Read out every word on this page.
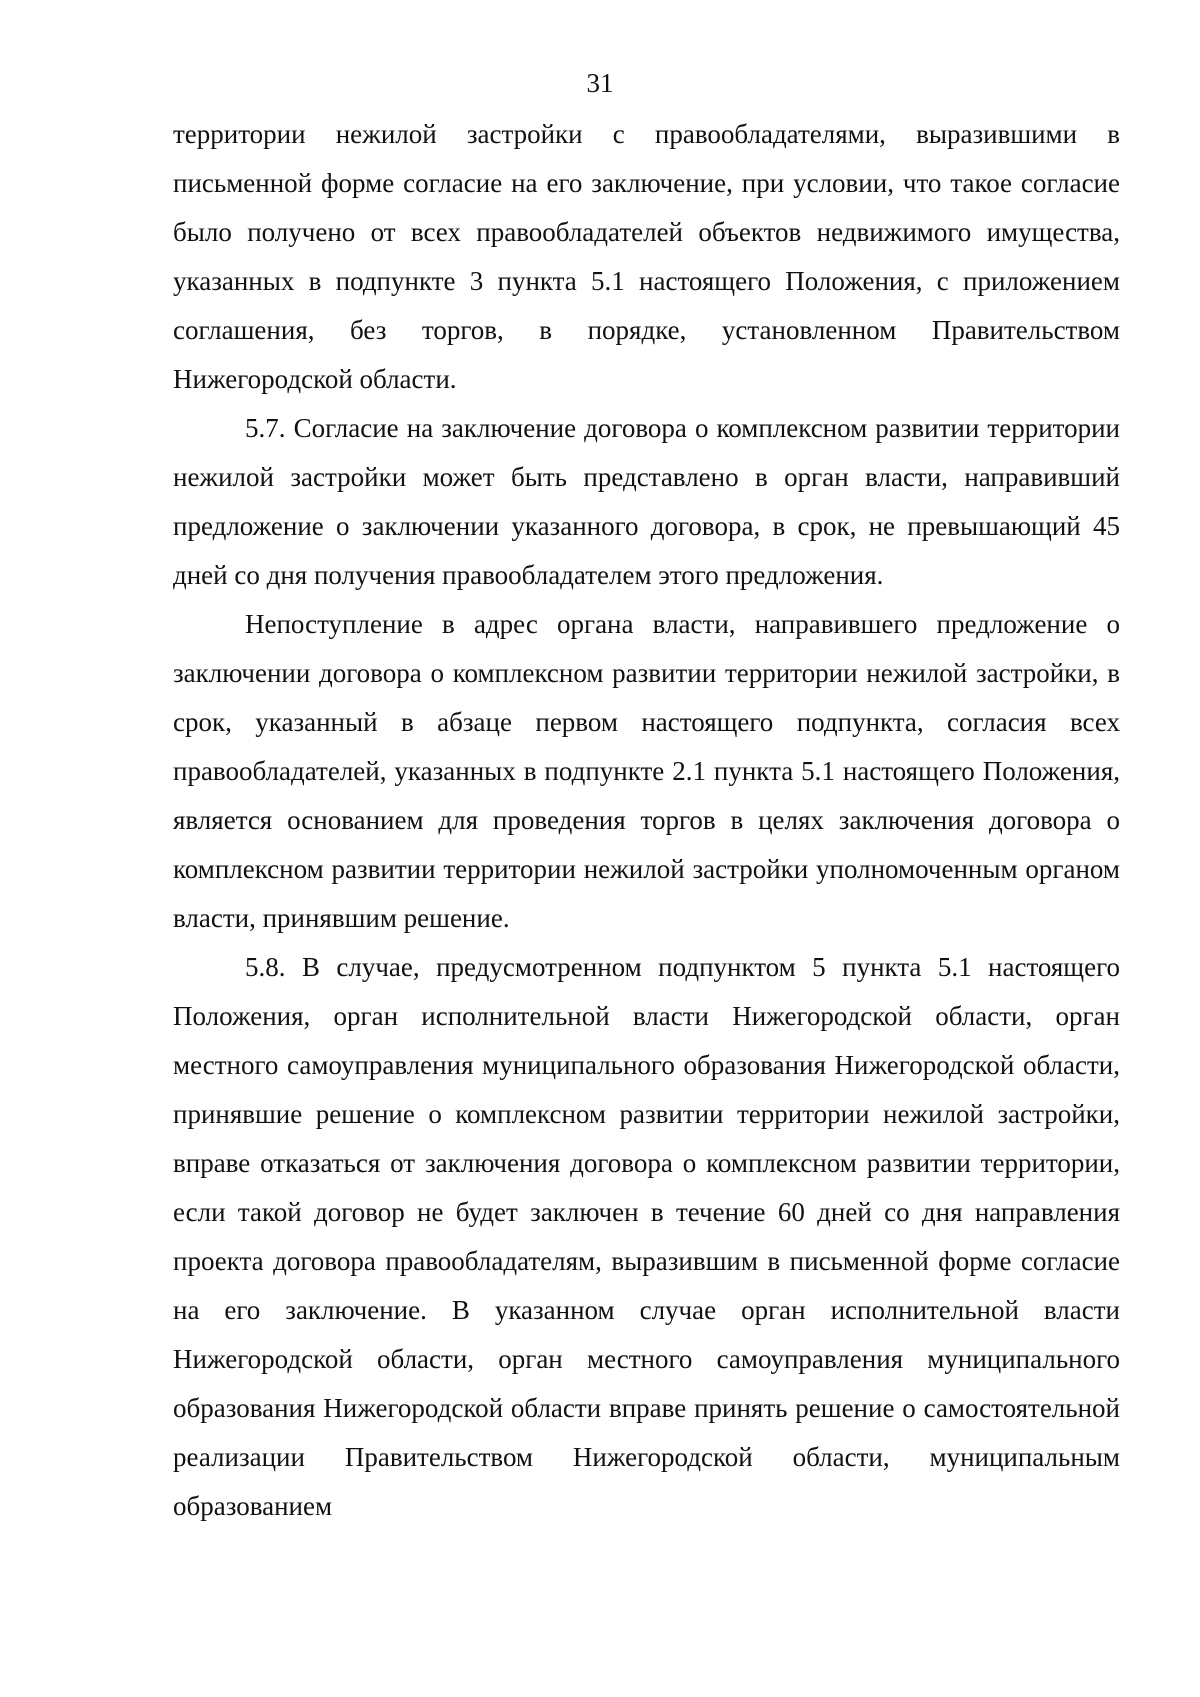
31

территории нежилой застройки с правообладателями, выразившими в письменной форме согласие на его заключение, при условии, что такое согласие было получено от всех правообладателей объектов недвижимого имущества, указанных в подпункте 3 пункта 5.1 настоящего Положения, с приложением соглашения, без торгов, в порядке, установленном Правительством Нижегородской области.

5.7. Согласие на заключение договора о комплексном развитии территории нежилой застройки может быть представлено в орган власти, направивший предложение о заключении указанного договора, в срок, не превышающий 45 дней со дня получения правообладателем этого предложения.

Непоступление в адрес органа власти, направившего предложение о заключении договора о комплексном развитии территории нежилой застройки, в срок, указанный в абзаце первом настоящего подпункта, согласия всех правообладателей, указанных в подпункте 2.1 пункта 5.1 настоящего Положения, является основанием для проведения торгов в целях заключения договора о комплексном развитии территории нежилой застройки уполномоченным органом власти, принявшим решение.

5.8. В случае, предусмотренном подпунктом 5 пункта 5.1 настоящего Положения, орган исполнительной власти Нижегородской области, орган местного самоуправления муниципального образования Нижегородской области, принявшие решение о комплексном развитии территории нежилой застройки, вправе отказаться от заключения договора о комплексном развитии территории, если такой договор не будет заключен в течение 60 дней со дня направления проекта договора правообладателям, выразившим в письменной форме согласие на его заключение. В указанном случае орган исполнительной власти Нижегородской области, орган местного самоуправления муниципального образования Нижегородской области вправе принять решение о самостоятельной реализации Правительством Нижегородской области, муниципальным образованием
